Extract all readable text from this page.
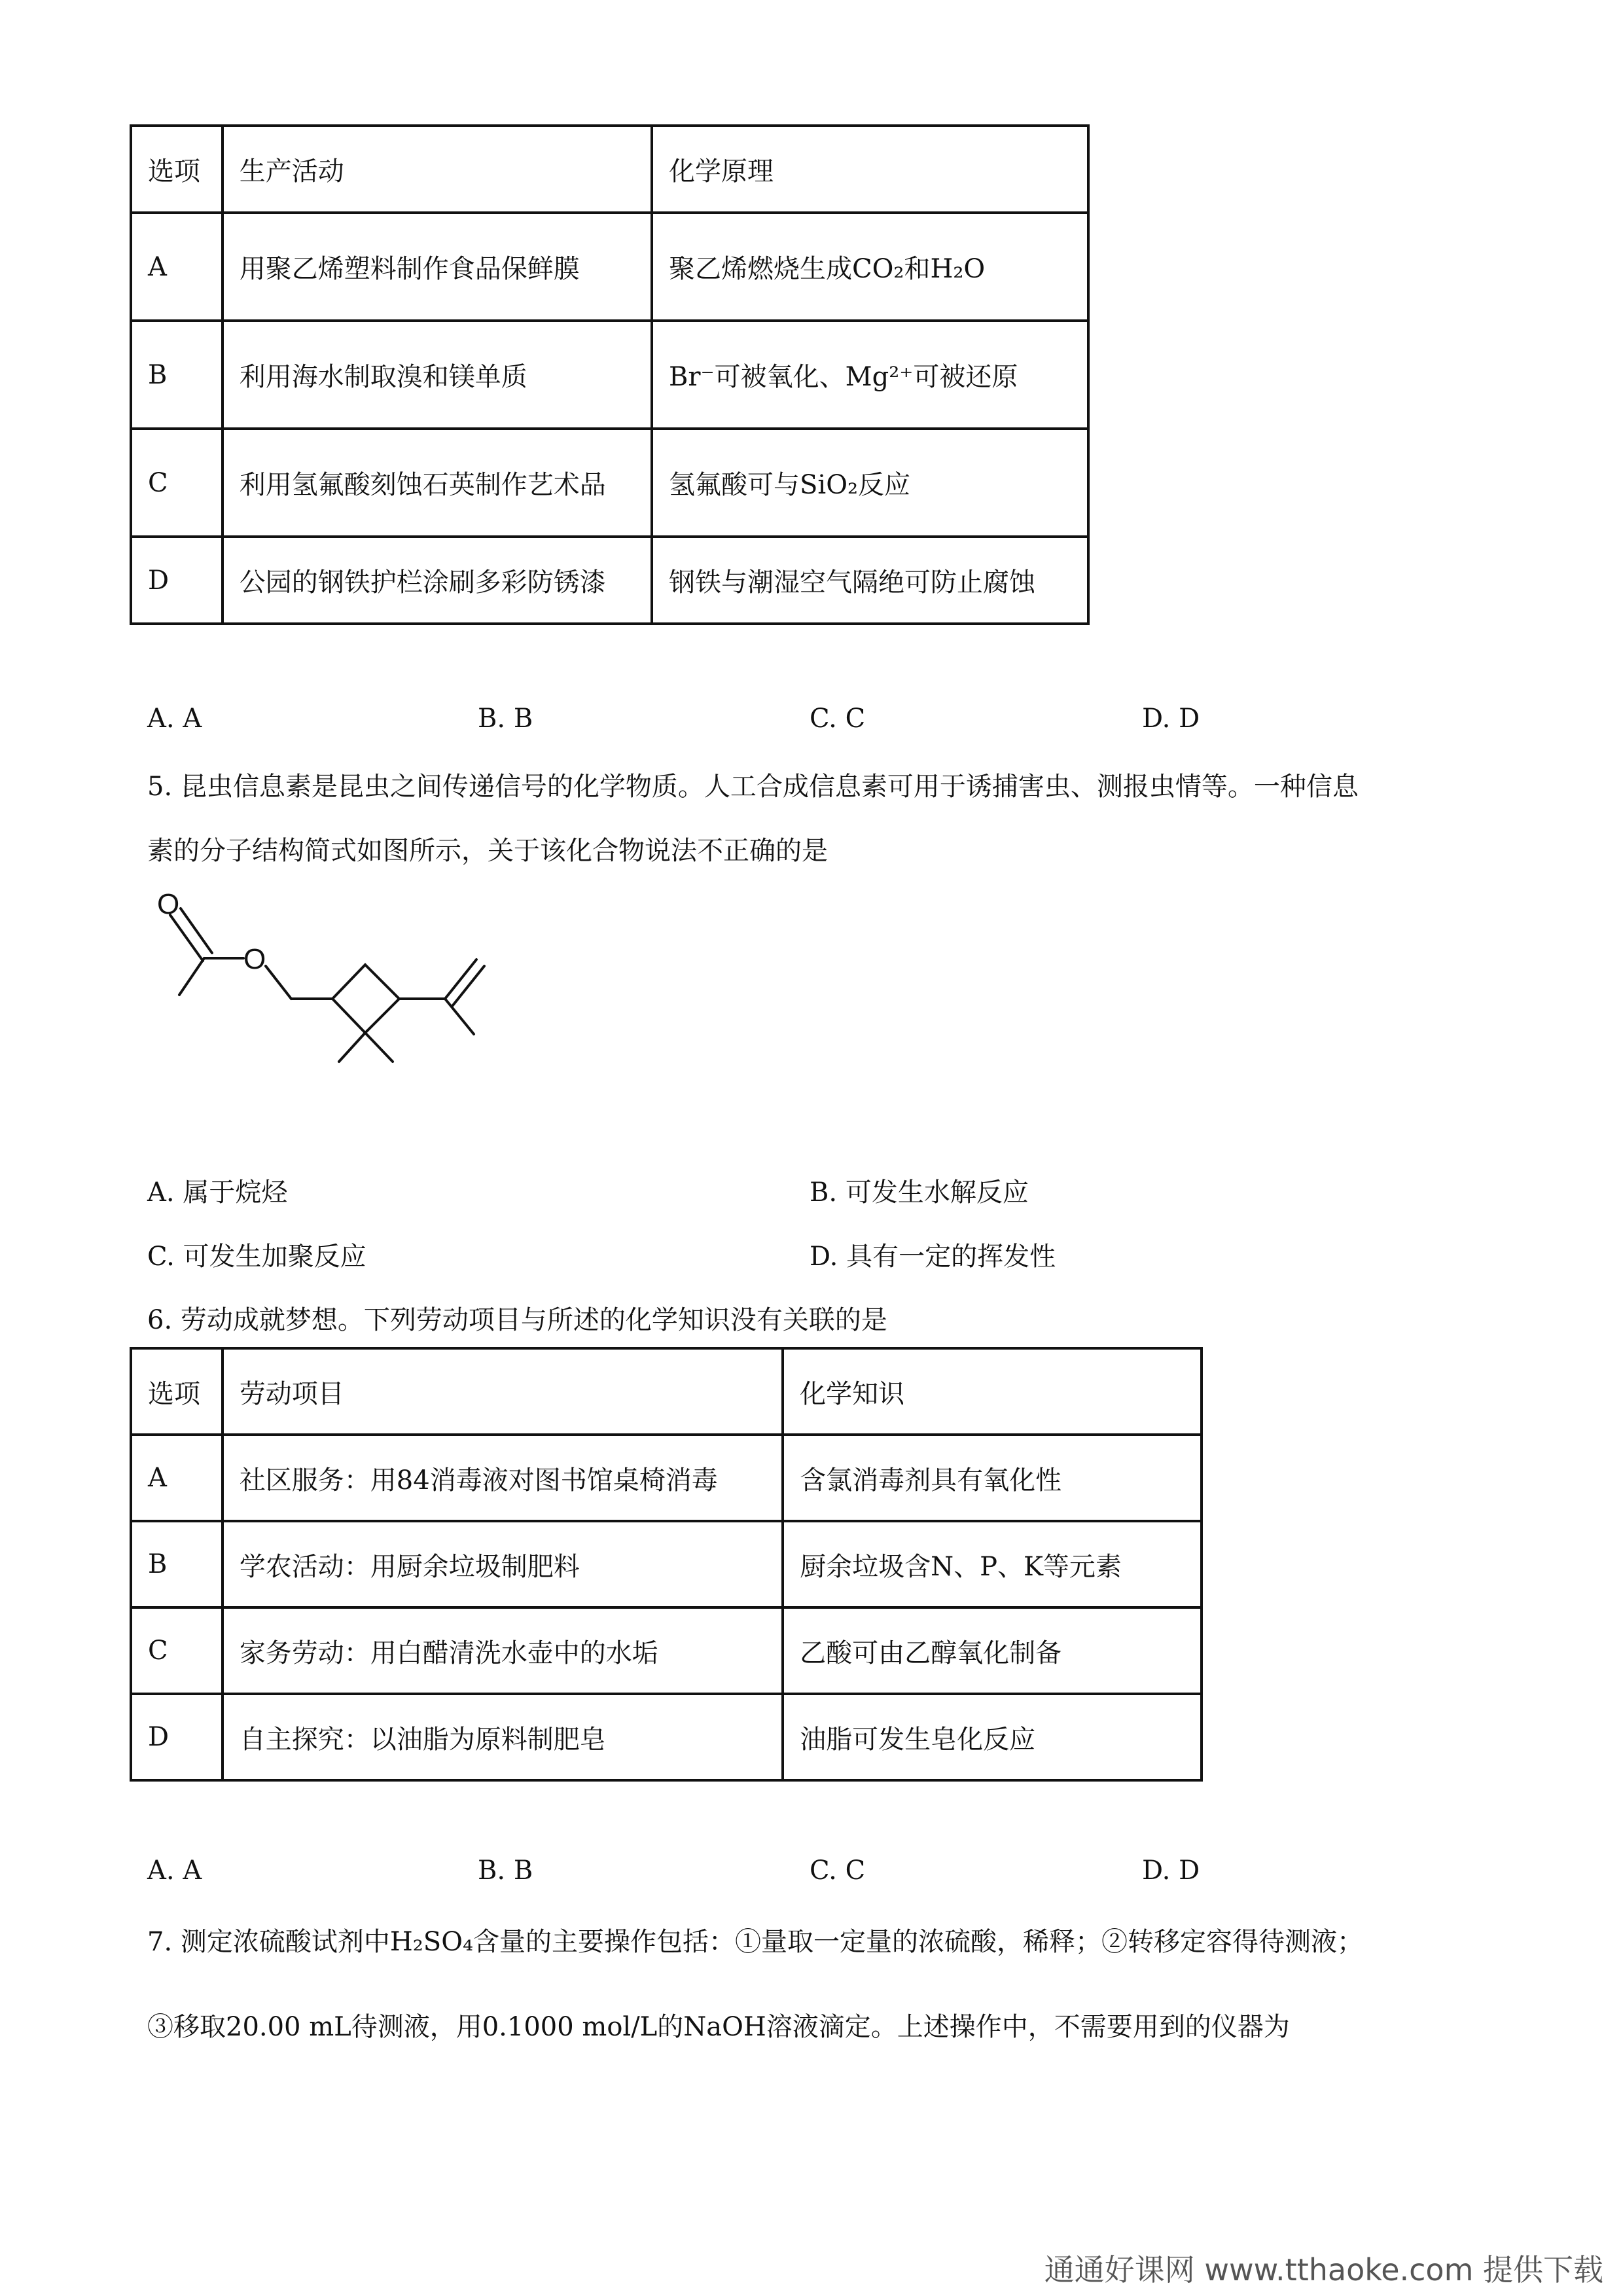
选项	生产活动	化学原理
A	用聚乙烯塑料制作食品保鲜膜	聚乙烯燃烧生成CO₂和H₂O
B	利用海水制取溴和镁单质	Br⁻可被氧化、Mg²⁺可被还原
C	利用氢氟酸刻蚀石英制作艺术品	氢氟酸可与SiO₂反应
D	公园的钢铁护栏涂刷多彩防锈漆	钢铁与潮湿空气隔绝可防止腐蚀
A. A	B. B	C. C	D. D
5. 昆虫信息素是昆虫之间传递信号的化学物质。人工合成信息素可用于诱捕害虫、测报虫情等。一种信息
素的分子结构简式如图所示，关于该化合物说法不正确的是
O
O
A. 属于烷烃	B. 可发生水解反应
C. 可发生加聚反应	D. 具有一定的挥发性
6. 劳动成就梦想。下列劳动项目与所述的化学知识没有关联的是
选项	劳动项目	化学知识
A	社区服务：用84消毒液对图书馆桌椅消毒	含氯消毒剂具有氧化性
B	学农活动：用厨余垃圾制肥料	厨余垃圾含N、P、K等元素
C	家务劳动：用白醋清洗水壶中的水垢	乙酸可由乙醇氧化制备
D	自主探究：以油脂为原料制肥皂	油脂可发生皂化反应
A. A	B. B	C. C	D. D
7. 测定浓硫酸试剂中H₂SO₄含量的主要操作包括：①量取一定量的浓硫酸，稀释；②转移定容得待测液；
③移取20.00 mL待测液，用0.1000 mol/L的NaOH溶液滴定。上述操作中，不需要用到的仪器为
通通好课网 www.tthaoke.com 提供下载
